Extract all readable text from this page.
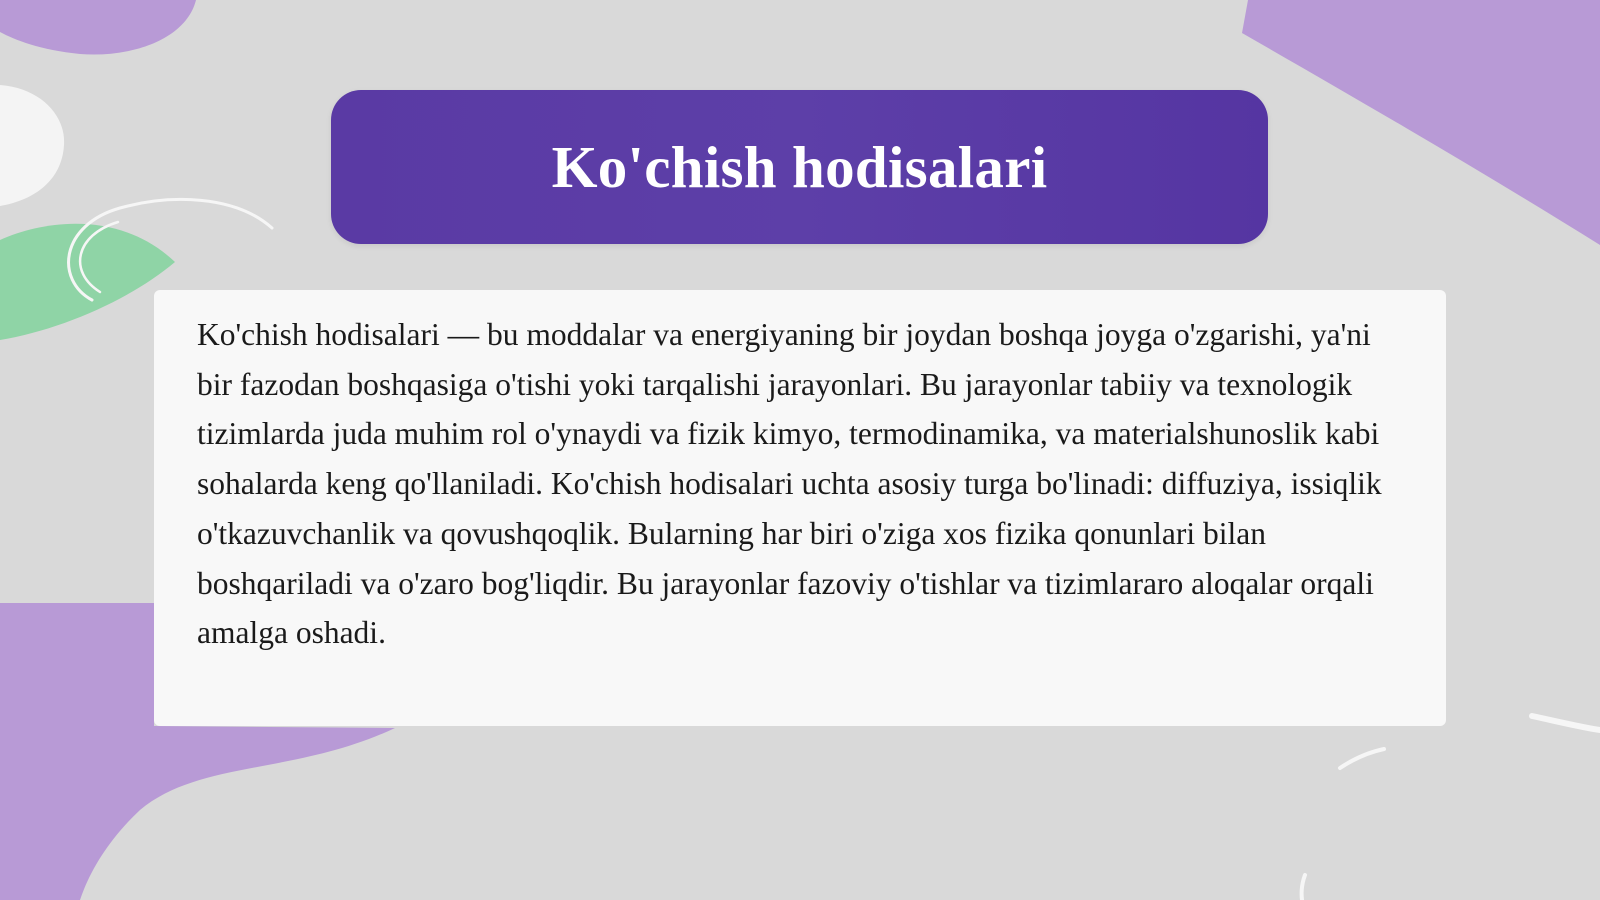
Ko'chish hodisalari

Ko'chish hodisalari — bu moddalar va energiyaning bir joydan boshqa joyga o'zgarishi, ya'ni bir fazodan boshqasiga o'tishi yoki tarqalishi jarayonlari. Bu jarayonlar tabiiy va texnologik tizimlarda juda muhim rol o'ynaydi va fizik kimyo, termodinamika, va materialshunoslik kabi sohalarda keng qo'llaniladi. Ko'chish hodisalari uchta asosiy turga bo'linadi: diffuziya, issiqlik o'tkazuvchanlik va qovushqoqlik. Bularning har biri o'ziga xos fizika qonunlari bilan boshqariladi va o'zaro bog'liqdir. Bu jarayonlar fazoviy o'tishlar va tizimlararo aloqalar orqali amalga oshadi.
